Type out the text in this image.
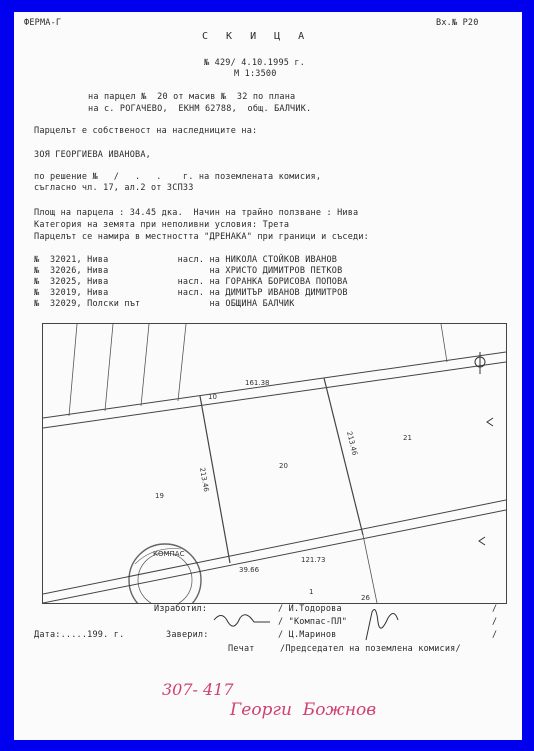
ФЕРМА-Г	Вх.№ Р20
С К И Ц А
№ 429/ 4.10.1995 г.
М 1:3500
на парцел №  20 от масив №  32 по плана
на с. РОГАЧЕВО,  ЕКНМ 62788,  общ. БАЛЧИК.
Парцелът е собственост на наследниците на:
ЗОЯ ГЕОРГИЕВА ИВАНОВА,
по решение №   /   .   .    г. на поземлената комисия,
съгласно чл. 17, ал.2 от ЗСПЗЗ
Площ на парцела : 34.45 дка.  Начин на трайно ползване : Нива
Категория на земята при неполивни условия: Трета
Парцелът се намира в местността "ДРЕНАКА" при граници и съседи:
№  32021, Нива             насл. на НИКОЛА СТОЙКОВ ИВАНОВ
№  32026, Нива                   на ХРИСТО ДИМИТРОВ ПЕТКОВ
№  32025, Нива             насл. на ГОРАНКА БОРИСОВА ПОПОВА
№  32019, Нива             насл. на ДИМИТЪР ИВАНОВ ДИМИТРОВ
№  32029, Полски път             на ОБЩИНА БАЛЧИК
КОМПАС
161.38
10
213.46
213.46
20
19
21
39.66
121.73
1
26
Изработил:	/ И.Тодорова
/ "Компас-ПЛ"
Дата:.....199. г.	Заверил:	/ Ц.Маринов
Печат	/Председател на поземлена комисия/
/
/
/
307- 417
Георги  Божнов
